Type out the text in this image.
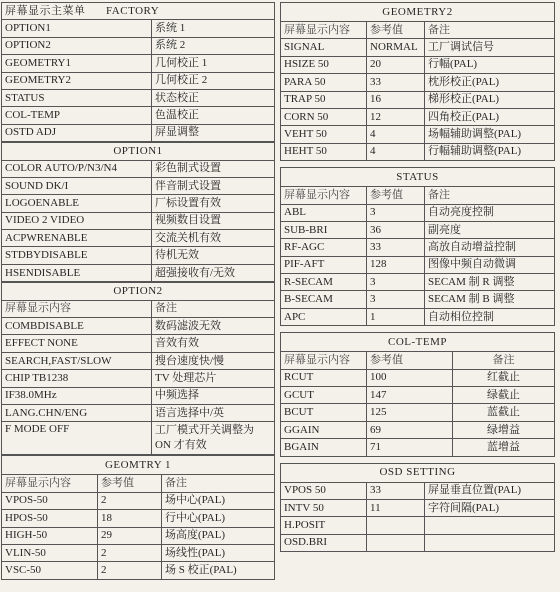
屏幕显示主菜单 FACTORY	
OPTION1	系统 1
OPTION2	系统 2
GEOMETRY1	几何校正 1
GEOMETRY2	几何校正 2
STATUS	状态校正
COL-TEMP	色温校正
OSTD ADJ	屏显调整
OPTION1	
COLOR AUTO/P/N3/N4	彩色制式设置
SOUND DK/I	伴音制式设置
LOGOENABLE	厂标设置有效
VIDEO 2 VIDEO	视频数目设置
ACPWRENABLE	交流关机有效
STDBYDISABLE	待机无效
HSENDISABLE	超强接收有/无效
OPTION2	
屏幕显示内容	备注
COMBDISABLE	数码滤波无效
EFFECT NONE	音效有效
SEARCH,FAST/SLOW	搜台速度快/慢
CHIP TB1238	TV 处理芯片
IF38.0MHz	中频选择
LANG.CHN/ENG	语言选择中/英
F MODE OFF	工厂模式开关调整为 ON 才有效
GEOMTRY 1		
屏幕显示内容	参考值	备注
VPOS-50	2	场中心(PAL)
HPOS-50	18	行中心(PAL)
HIGH-50	29	场高度(PAL)
VLIN-50	2	场线性(PAL)
VSC-50	2	场 S 校正(PAL)
GEOMETRY2		
屏幕显示内容	参考值	备注
SIGNAL	NORMAL	工厂调试信号
HSIZE 50	20	行幅(PAL)
PARA 50	33	枕形校正(PAL)
TRAP 50	16	梯形校正(PAL)
CORN 50	12	四角校正(PAL)
VEHT 50	4	场幅辅助调整(PAL)
HEHT 50	4	行幅辅助调整(PAL)
STATUS		
屏幕显示内容	参考值	备注
ABL	3	自动亮度控制
SUB-BRI	36	副亮度
RF-AGC	33	高放自动增益控制
PIF-AFT	128	图像中频自动微调
R-SECAM	3	SECAM 制 R 调整
B-SECAM	3	SECAM 制 B 调整
APC	1	自动相位控制
COL-TEMP		
屏幕显示内容	参考值	备注
RCUT	100	红截止
GCUT	147	绿截止
BCUT	125	蓝截止
GGAIN	69	绿增益
BGAIN	71	蓝增益
OSD SETTING		
VPOS 50	33	屏显垂直位置(PAL)
INTV 50	11	字符间隔(PAL)
H.POSIT		
OSD.BRI		
